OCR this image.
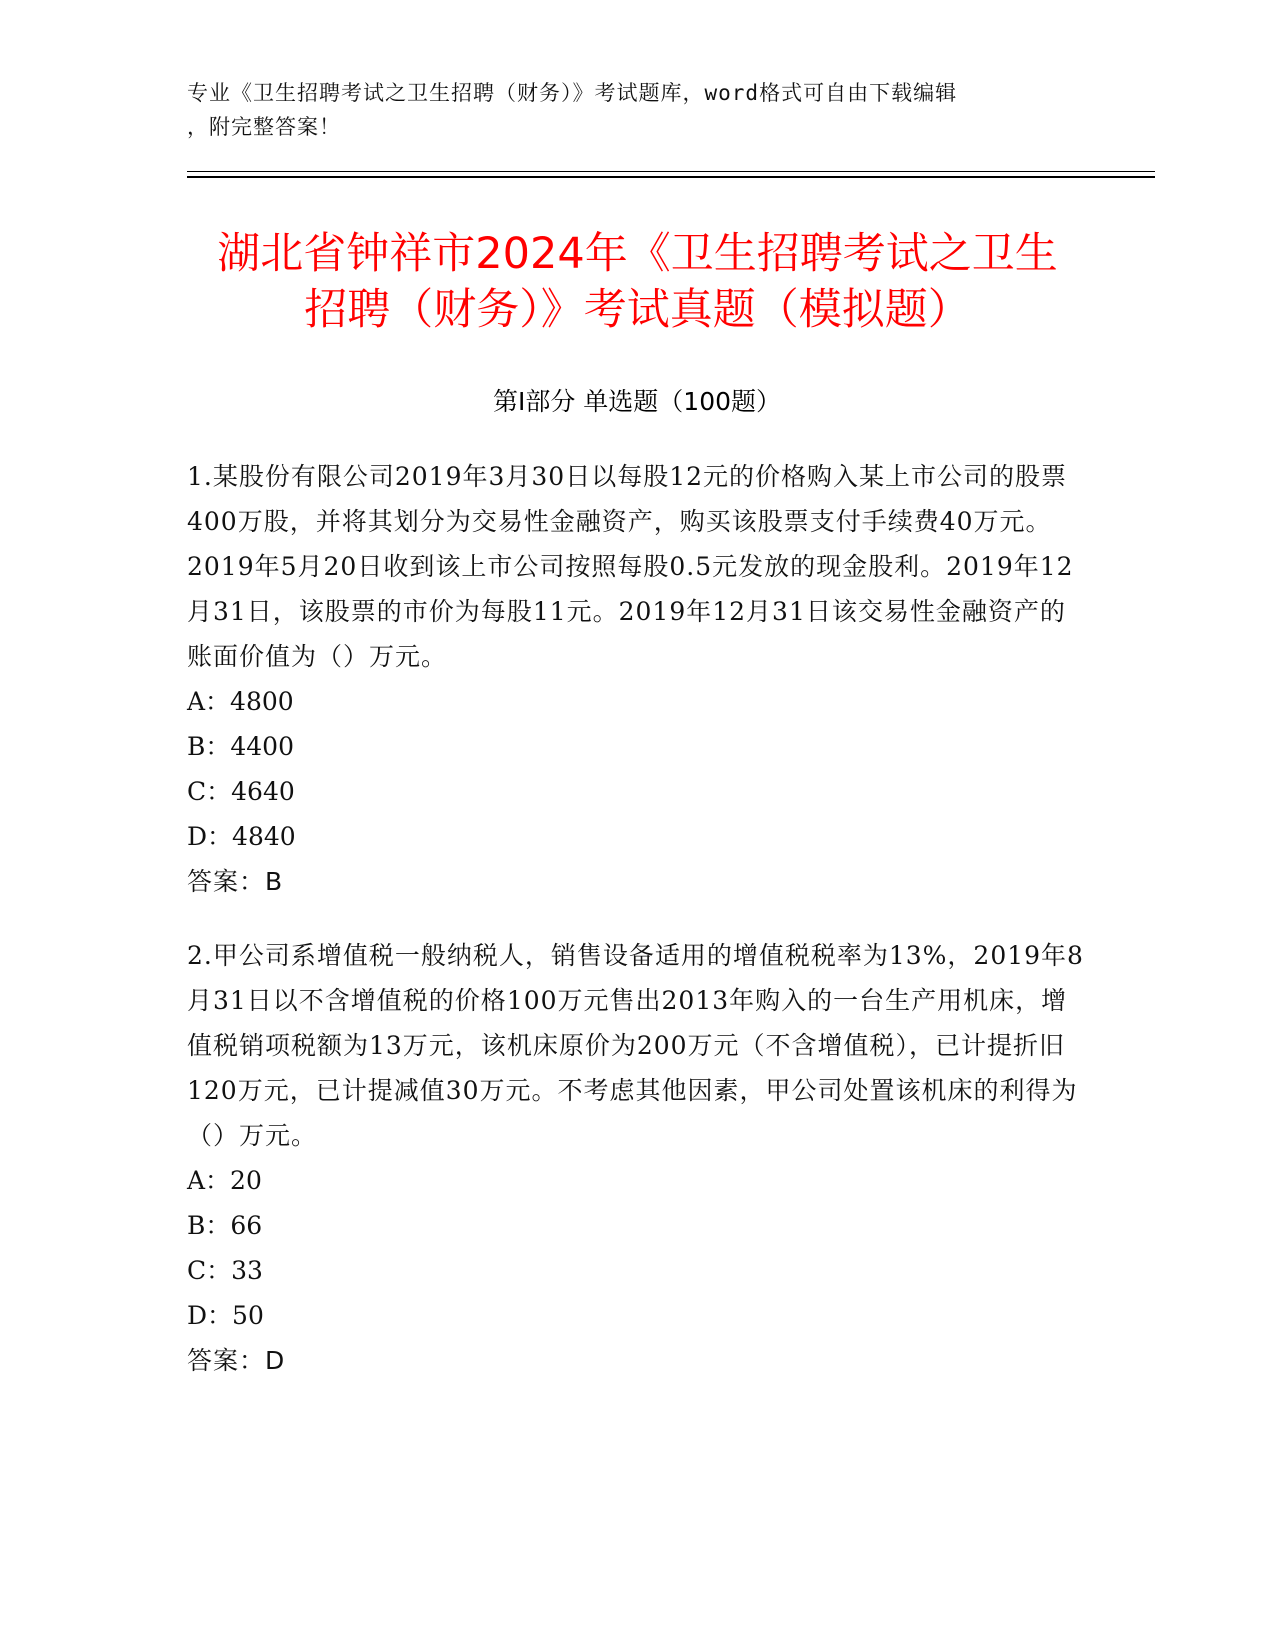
专业《卫生招聘考试之卫生招聘（财务）》考试题库，word格式可自由下载编辑
，附完整答案！
湖北省钟祥市2024年《卫生招聘考试之卫生
招聘（财务）》考试真题（模拟题）
第Ⅰ部分 单选题（100题）

1.某股份有限公司2019年3月30日以每股12元的价格购入某上市公司的股票400万股，并将其划分为交易性金融资产，购买该股票支付手续费40万元。2019年5月20日收到该上市公司按照每股0.5元发放的现金股利。2019年12月31日，该股票的市价为每股11元。2019年12月31日该交易性金融资产的账面价值为（）万元。

A：4800

B：4400

C：4640

D：4840

答案：B

2.甲公司系增值税一般纳税人，销售设备适用的增值税税率为13%，2019年8月31日以不含增值税的价格100万元售出2013年购入的一台生产用机床，增值税销项税额为13万元，该机床原价为200万元（不含增值税），已计提折旧120万元，已计提减值30万元。不考虑其他因素，甲公司处置该机床的利得为（）万元。

A：20

B：66

C：33

D：50

答案：D
